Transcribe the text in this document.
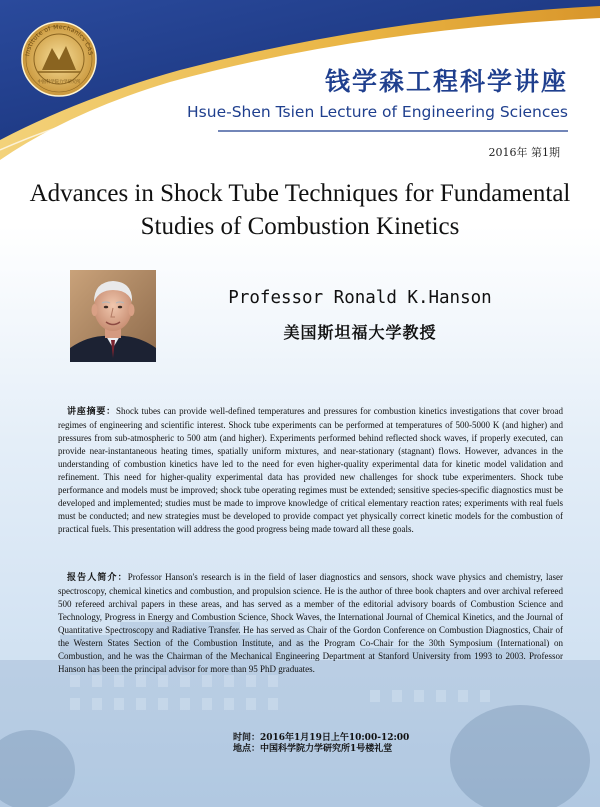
Institute of Mechanics CAS
中国科学院力学研究所	钱学森工程科学讲座
Hsue-Shen Tsien Lecture of Engineering Sciences
2016年 第1期
Advances in Shock Tube Techniques for Fundamental
Studies of Combustion Kinetics
Professor Ronald K.Hanson
美国斯坦福大学教授
讲座摘要：Shock tubes can provide well-defined temperatures and pressures for combustion kinetics investigations that cover broad regimes of engineering and scientific interest. Shock tube experiments can be performed at temperatures of 500-5000 K (and higher) and pressures from sub-atmospheric to 500 atm (and higher). Experiments performed behind reflected shock waves, if properly executed, can provide near-instantaneous heating times, spatially uniform mixtures, and near-stationary (stagnant) flows. However, advances in the understanding of combustion kinetics have led to the need for even higher-quality experimental data for kinetic model validation and refinement. This need for higher-quality experimental data has provided new challenges for shock tube experimenters. Shock tube performance and models must be improved; shock tube operating regimes must be extended; sensitive species-specific diagnostics must be developed and implemented; studies must be made to improve knowledge of critical elementary reaction rates; experiments with real fuels must be conducted; and new strategies must be developed to provide compact yet physically correct kinetic models for the combustion of practical fuels. This presentation will address the good progress being made toward all these goals.
报告人简介：Professor Hanson's research is in the field of laser diagnostics and sensors, shock wave physics and chemistry, laser spectroscopy, chemical kinetics and combustion, and propulsion science. He is the author of three book chapters and over archival refereed 500 refereed archival papers in these areas, and has served as a member of the editorial advisory boards of Combustion Science and Technology, Progress in Energy and Combustion Science, Shock Waves, the International Journal of Chemical Kinetics, and the Journal of Quantitative Spectroscopy and Radiative Transfer. He has served as Chair of the Gordon Conference on Combustion Diagnostics, Chair of the Western States Section of the Combustion Institute, and as the Program Co-Chair for the 30th Symposium (International) on Combustion, and he was the Chairman of the Mechanical Engineering Department at Stanford University from 1993 to 2003. Professor Hanson has been the principal advisor for more than 95 PhD graduates.
时间：2016年1月19日上午10:00-12:00
地点：中国科学院力学研究所1号楼礼堂
